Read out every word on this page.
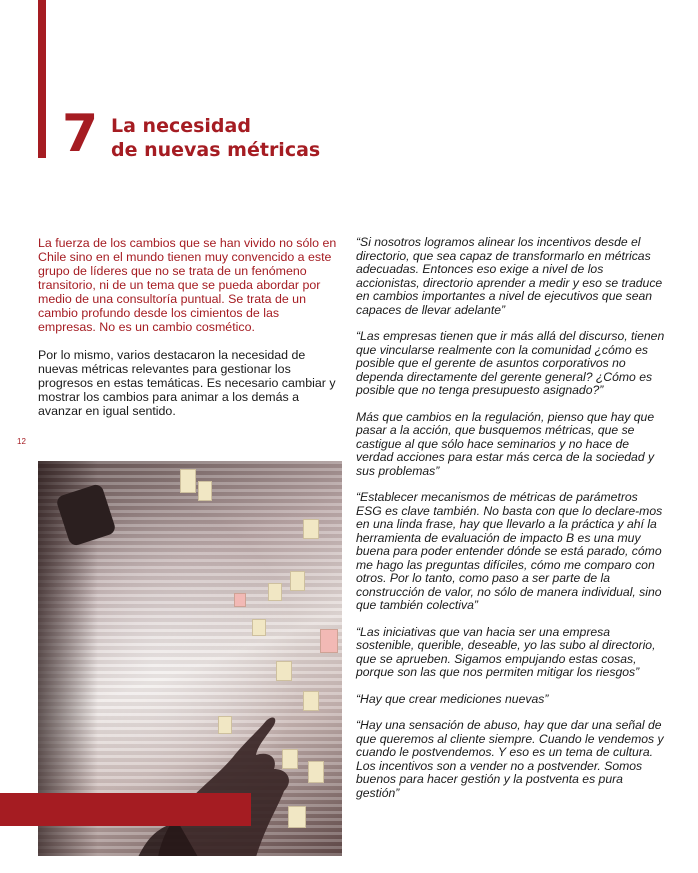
7 La necesidad
de nuevas métricas

La fuerza de los cambios que se han vivido no sólo en Chile sino en el mundo tienen muy convencido a este grupo de líderes que no se trata de un fenómeno transitorio, ni de un tema que se pueda abordar por medio de una consultoría puntual. Se trata de un cambio profundo desde los cimientos de las empresas. No es un cambio cosmético.

Por lo mismo, varios destacaron la necesidad de nuevas métricas relevantes para gestionar los progresos en estas temáticas. Es necesario cambiar y mostrar los cambios para animar a los demás a avanzar en igual sentido.

12

“Si nosotros logramos alinear los incentivos desde el directorio, que sea capaz de transformarlo en métricas adecuadas. Entonces eso exige a nivel de los accionistas, directorio aprender a medir y eso se traduce en cambios importantes a nivel de ejecutivos que sean capaces de llevar adelante”

“Las empresas tienen que ir más allá del discurso, tienen que vincularse realmente con la comunidad ¿cómo es posible que el gerente de asuntos corporativos no dependa directamente del gerente general? ¿Cómo es posible que no tenga presupuesto asignado?”

Más que cambios en la regulación, pienso que hay que pasar a la acción, que busquemos métricas, que se castigue al que sólo hace seminarios y no hace de verdad acciones para estar más cerca de la sociedad y sus problemas”

“Establecer mecanismos de métricas de parámetros ESG es clave también. No basta con que lo declare-mos en una linda frase, hay que llevarlo a la práctica y ahí la herramienta de evaluación de impacto B es una muy buena para poder entender dónde se está parado, cómo me hago las preguntas difíciles, cómo me comparo con otros. Por lo tanto, como paso a ser parte de la construcción de valor, no sólo de manera individual, sino que también colectiva”

“Las iniciativas que van hacia ser una empresa sostenible, querible, deseable, yo las subo al directorio, que se aprueben. Sigamos empujando estas cosas, porque son las que nos permiten mitigar los riesgos”

“Hay que crear mediciones nuevas”

“Hay una sensación de abuso, hay que dar una señal de que queremos al cliente siempre. Cuando le vendemos y cuando le postvendemos. Y eso es un tema de cultura. Los incentivos son a vender no a postvender. Somos buenos para hacer gestión y la postventa es pura gestión”
